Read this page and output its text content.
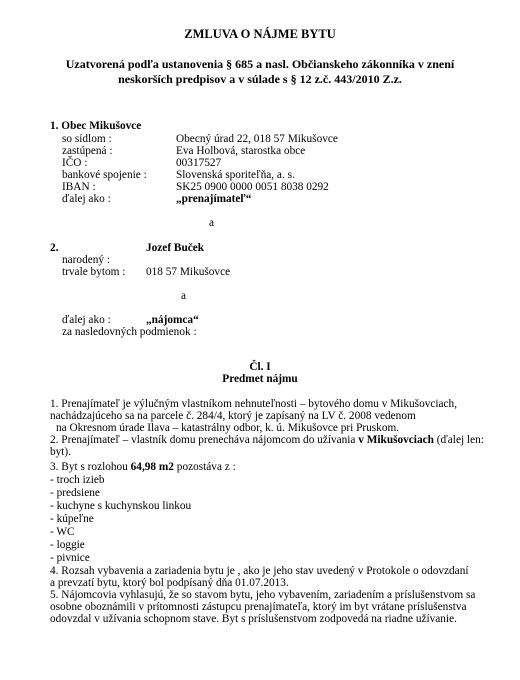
ZMLUVA O NÁJME BYTU
Uzatvorená podľa ustanovenia § 685 a nasl. Občianskeho zákonníka v znení
neskorších predpisov a v súlade s § 12 z.č. 443/2010 Z.z.
1. Obec Mikušovce
so sídlom :	Obecný úrad 22, 018 57 Mikušovce
zastúpená :	Eva Holbová, starostka obce
IČO :	00317527
bankové spojenie :	Slovenská sporiteľňa, a. s.
IBAN :	SK25 0900 0000 0051 8038 0292
ďalej ako :	„prenajímateľ“
a
2.	Jozef Buček
narodený :
trvale bytom : 018 57 Mikušovce
a
ďalej ako :	„nájomca“
za nasledovných podmienok :
Čl. I
Predmet nájmu
1. Prenajímateľ je výlučným vlastníkom nehnuteľnosti – bytového domu v Mikušovciach,
nachádzajúceho sa na parcele č. 284/4, ktorý je zapísaný na LV č. 2008 vedenom
na Okresnom úrade Ilava – katastrálny odbor, k. ú. Mikušovce pri Pruskom.
2. Prenajímateľ – vlastník domu prenecháva nájomcom do užívania v Mikušovciach (ďalej len:
byt).
3. Byt s rozlohou 64,98 m2 pozostáva z :
- troch izieb
- predsiene
- kuchyne s kuchynskou linkou
- kúpeľne
- WC
- loggie
- pivnice
4. Rozsah vybavenia a zariadenia bytu je , ako je jeho stav uvedený v Protokole o odovzdaní
a prevzatí bytu, ktorý bol podpísaný dňa 01.07.2013.
5. Nájomcovia vyhlasujú, že so stavom bytu, jeho vybavením, zariadením a príslušenstvom sa
osobne oboznámili v prítomnosti zástupcu prenajímateľa, ktorý im byt vrátane príslušenstva
odovzdal v užívania schopnom stave. Byt s príslušenstvom zodpovedá na riadne užívanie.
